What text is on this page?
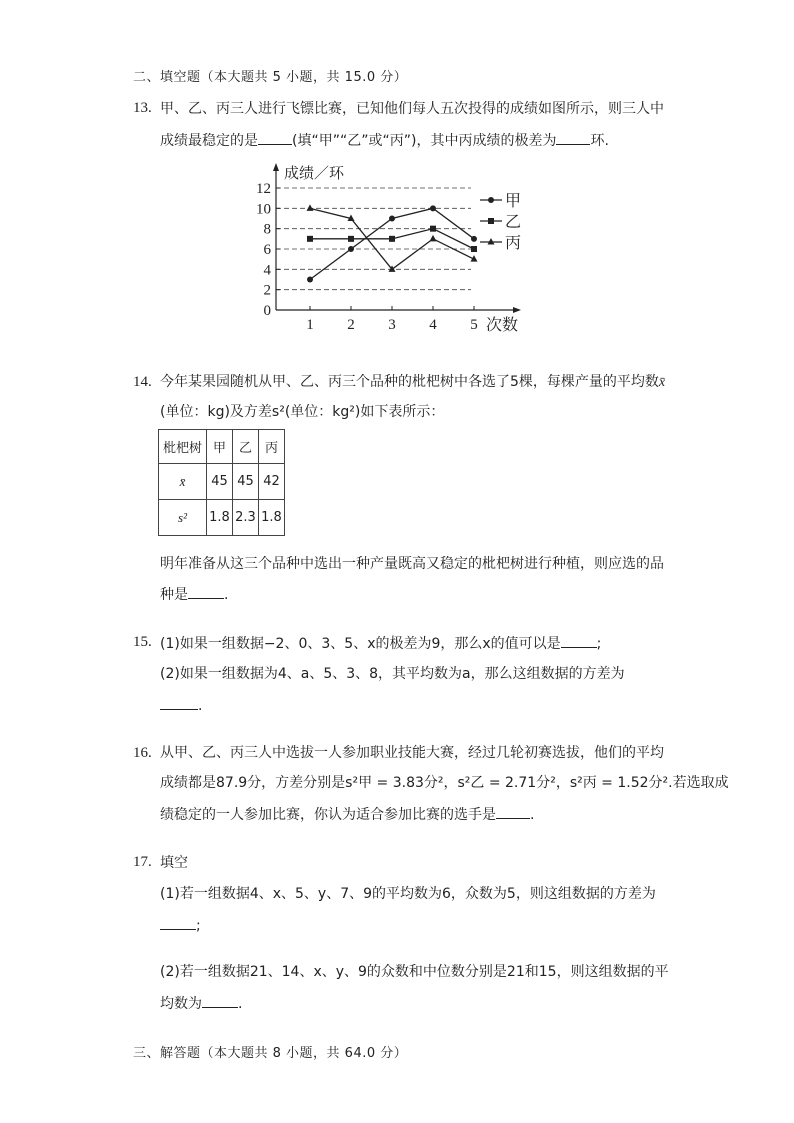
二、填空题（本大题共 5 小题，共 15.0 分）
13. 甲、乙、丙三人进行飞镖比赛，已知他们每人五次投得的成绩如图所示，则三人中
成绩最稳定的是 (填“甲”“乙”或“丙”)，其中丙成绩的极差为 环.
0
2
4
6
8
10
12
1 2 3 4 5
成绩／环
次数
甲
乙
丙
14. 今年某果园随机从甲、乙、丙三个品种的枇杷树中各选了5棵，每棵产量的平均数x̄
(单位：kg)及方差s²(单位：kg²)如下表所示：
枇杷树	甲	乙	丙
x̄	45	45	42
s²	1.8	2.3	1.8
明年准备从这三个品种中选出一种产量既高又稳定的枇杷树进行种植，则应选的品
种是	.
15. (1)如果一组数据−2、0、3、5、x的极差为9，那么x的值可以是	;
(2)如果一组数据为4、a、5、3、8，其平均数为a，那么这组数据的方差为
.
16. 从甲、乙、丙三人中选拔一人参加职业技能大赛，经过几轮初赛选拔，他们的平均
成绩都是87.9分，方差分别是s²甲 = 3.83分²，s²乙 = 2.71分²，s²丙 = 1.52分².若选取成
绩稳定的一人参加比赛，你认为适合参加比赛的选手是 .
17. 填空
(1)若一组数据4、x、5、y、7、9的平均数为6，众数为5，则这组数据的方差为
;
(2)若一组数据21、14、x、y、9的众数和中位数分别是21和15，则这组数据的平
均数为	.
三、解答题（本大题共 8 小题，共 64.0 分）
